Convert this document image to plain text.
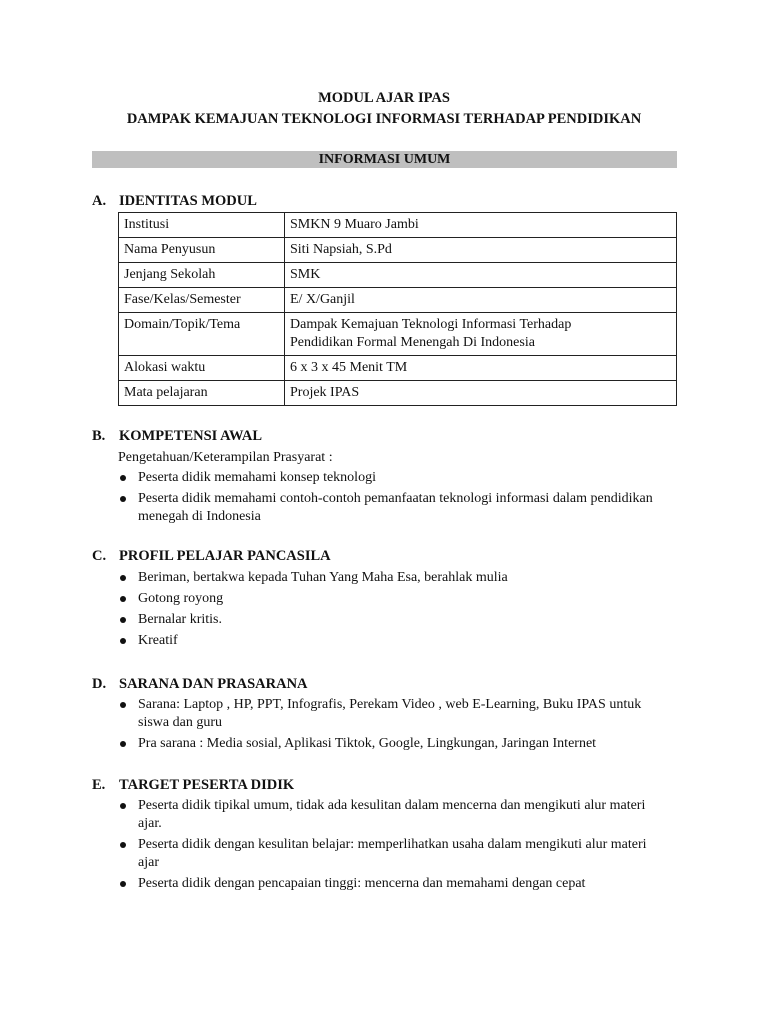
MODUL AJAR IPAS
DAMPAK KEMAJUAN TEKNOLOGI INFORMASI TERHADAP PENDIDIKAN
INFORMASI UMUM
A. IDENTITAS MODUL
Institusi	SMKN 9 Muaro Jambi
Nama Penyusun	Siti Napsiah, S.Pd
Jenjang Sekolah	SMK
Fase/Kelas/Semester	E/ X/Ganjil
Domain/Topik/Tema	Dampak Kemajuan Teknologi Informasi Terhadap
Pendidikan Formal Menengah Di Indonesia
Alokasi waktu	6 x 3 x 45 Menit TM
Mata pelajaran	Projek IPAS
B. KOMPETENSI AWAL
Pengetahuan/Keterampilan Prasyarat :
Peserta didik memahami konsep teknologi
Peserta didik memahami contoh-contoh pemanfaatan teknologi informasi dalam pendidikan menegah di Indonesia
C. PROFIL PELAJAR PANCASILA
Beriman, bertakwa kepada Tuhan Yang Maha Esa, berahlak mulia
Gotong royong
Bernalar kritis.
Kreatif
D. SARANA DAN PRASARANA
Sarana: Laptop , HP, PPT, Infografis, Perekam Video , web E-Learning, Buku IPAS untuk siswa dan guru
Pra sarana : Media sosial, Aplikasi Tiktok, Google, Lingkungan, Jaringan Internet
E. TARGET PESERTA DIDIK
Peserta didik tipikal umum, tidak ada kesulitan dalam mencerna dan mengikuti alur materi ajar.
Peserta didik dengan kesulitan belajar: memperlihatkan usaha dalam mengikuti alur materi ajar
Peserta didik dengan pencapaian tinggi: mencerna dan memahami dengan cepat
